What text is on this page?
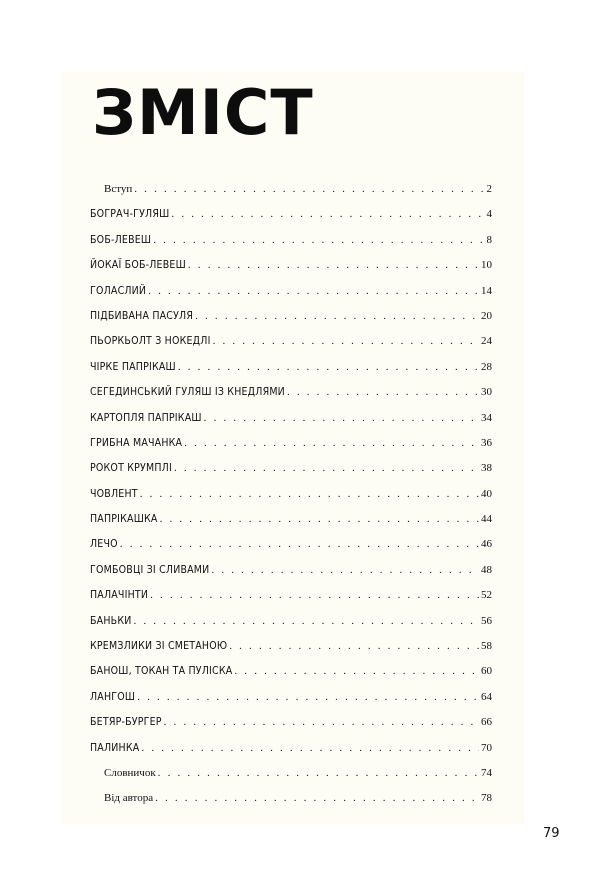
ЗМІСТ
Вступ . . .	2
БОГРАЧ-ГУЛЯШ . . .	4
БОБ-ЛЕВЕШ . . .	8
ЙОКАЇ БОБ-ЛЕВЕШ . . .	10
ГОЛАСЛИЙ . . .	14
ПІДБИВАНА ПАСУЛЯ . . .	20
ПЬОРКЬОЛТ З НОКЕДЛІ . . .	24
ЧІРКЕ ПАПРІКАШ . . .	28
СЕГЕДИНСЬКИЙ ГУЛЯШ ІЗ КНЕДЛЯМИ . . .	30
КАРТОПЛЯ ПАПРІКАШ . . .	34
ГРИБНА МАЧАНКА . . .	36
РОКОТ КРУМПЛІ . . .	38
ЧОВЛЕНТ . . .	40
ПАПРІКАШКА . . .	44
ЛЕЧО . . .	46
ГОМБОВЦІ ЗІ СЛИВАМИ . . .	48
ПАЛАЧІНТИ . . .	52
БАНЬКИ . . .	56
КРЕМЗЛИКИ ЗІ СМЕТАНОЮ . . .	58
БАНОШ, ТОКАН ТА ПУЛІСКА . . .	60
ЛАНГОШ . . .	64
БЕТЯР-БУРГЕР . . .	66
ПАЛИНКА . . .	70
Словничок . . .	74
Від автора . . .	78
79
